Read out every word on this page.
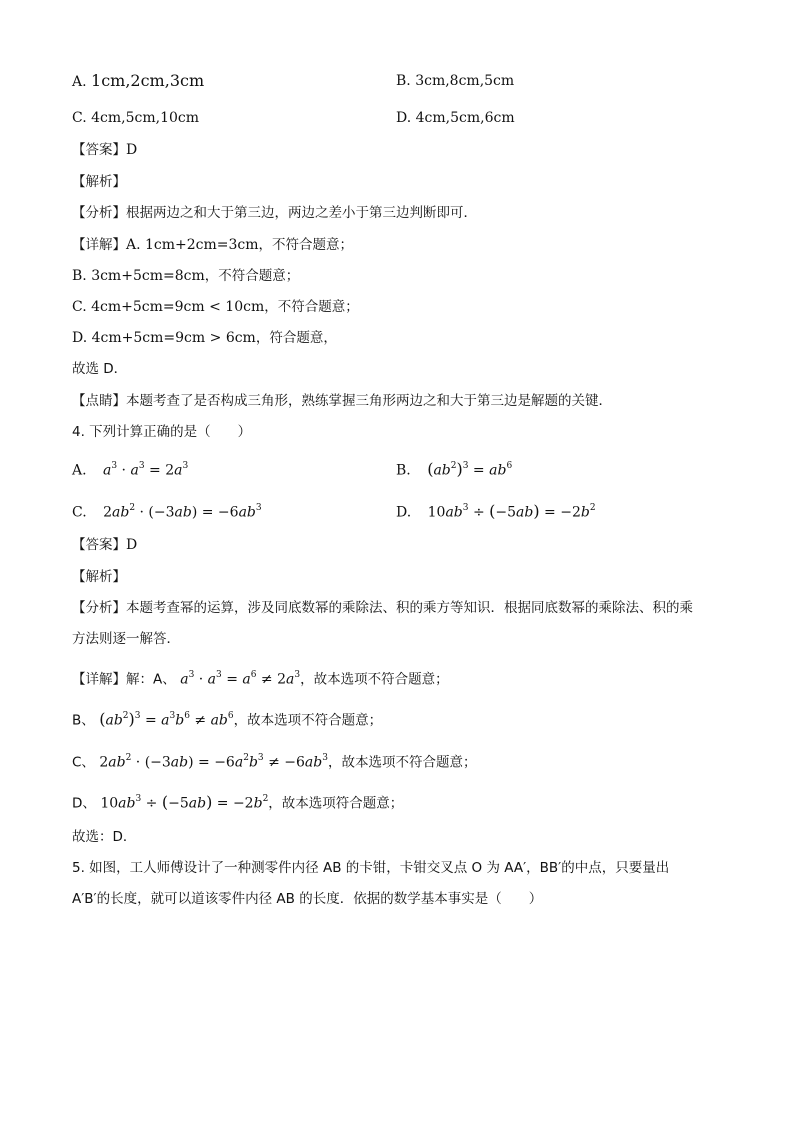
A. 1cm,2cm,3cm	B. 3cm,8cm,5cm
C. 4cm,5cm,10cm	D. 4cm,5cm,6cm
【答案】D
【解析】
【分析】根据两边之和大于第三边，两边之差小于第三边判断即可．
【详解】A. 1cm+2cm=3cm，不符合题意；
B. 3cm+5cm=8cm，不符合题意；
C. 4cm+5cm=9cm < 10cm，不符合题意；
D. 4cm+5cm=9cm > 6cm，符合题意，
故选 D．
【点睛】本题考查了是否构成三角形，熟练掌握三角形两边之和大于第三边是解题的关键．
4. 下列计算正确的是（　　）
A. $a^3 \cdot a^3 = 2a^3$	B. $(ab^2)^3 = ab^6$
C. $2ab^2 \cdot (-3ab) = -6ab^3$	D. $10ab^3 \div (-5ab) = -2b^2$
【答案】D
【解析】
【分析】本题考查幂的运算，涉及同底数幂的乘除法、积的乘方等知识．根据同底数幂的乘除法、积的乘
方法则逐一解答．
【详解】解：A、 $a^3 \cdot a^3 = a^6 \ne 2a^3$，故本选项不符合题意；
B、 $(ab^2)^3 = a^3b^6 \ne ab^6$，故本选项不符合题意；
C、 $2ab^2 \cdot (-3ab) = -6a^2b^3 \ne -6ab^3$，故本选项不符合题意；
D、 $10ab^3 \div (-5ab) = -2b^2$，故本选项符合题意；
故选：D．
5. 如图，工人师傅设计了一种测零件内径 AB 的卡钳，卡钳交叉点 O 为 AA′，BB′的中点，只要量出
A′B′的长度，就可以道该零件内径 AB 的长度．依据的数学基本事实是（　　）
